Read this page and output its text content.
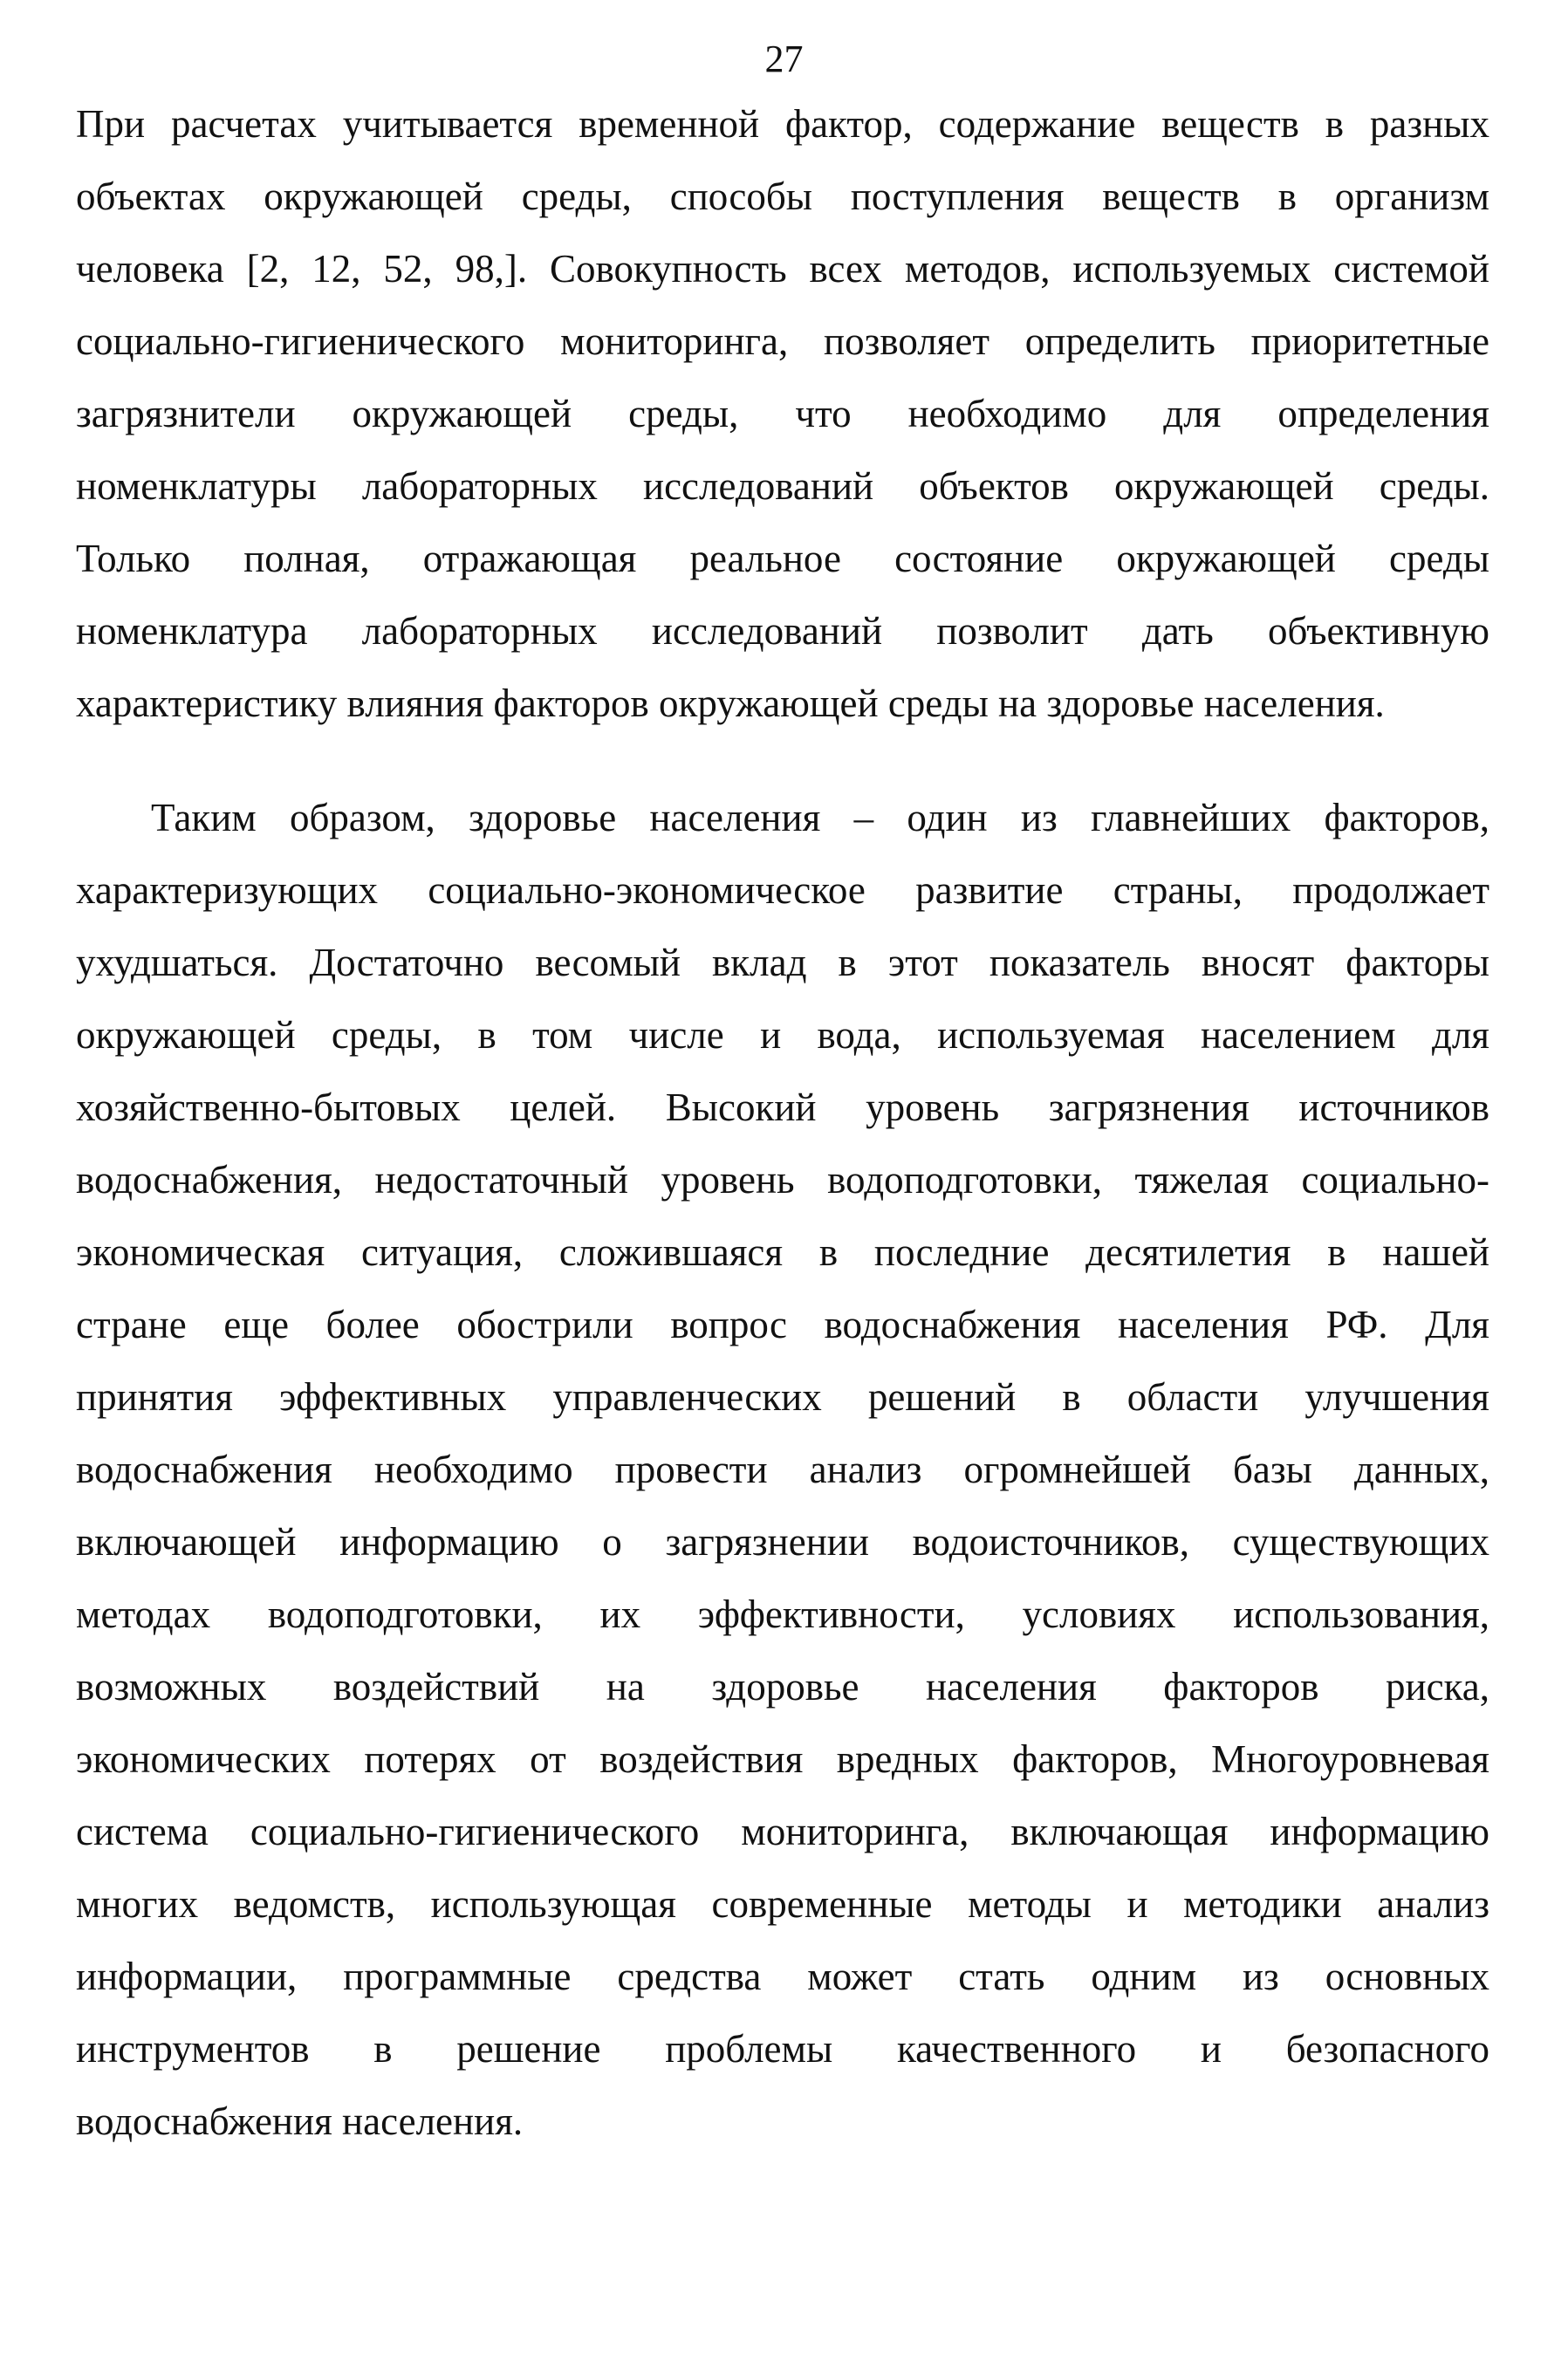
27
При расчетах учитывается временной фактор, содержание веществ в разных
объектах окружающей среды, способы поступления веществ в организм
человека [2, 12, 52, 98,]. Совокупность всех методов, используемых системой
социально-гигиенического мониторинга, позволяет определить приоритетные
загрязнители окружающей среды, что необходимо для определения
номенклатуры лабораторных исследований объектов окружающей среды.
Только полная, отражающая реальное состояние окружающей среды
номенклатура лабораторных исследований позволит дать объективную
характеристику влияния факторов окружающей среды на здоровье населения.
Таким образом, здоровье населения – один из главнейших факторов,
характеризующих социально-экономическое развитие страны, продолжает
ухудшаться. Достаточно весомый вклад в этот показатель вносят факторы
окружающей среды, в том числе и вода, используемая населением для
хозяйственно-бытовых целей. Высокий уровень загрязнения источников
водоснабжения, недостаточный уровень водоподготовки, тяжелая социально-
экономическая ситуация, сложившаяся в последние десятилетия в нашей
стране еще более обострили вопрос водоснабжения населения РФ. Для
принятия эффективных управленческих решений в области улучшения
водоснабжения необходимо провести анализ огромнейшей базы данных,
включающей информацию о загрязнении водоисточников, существующих
методах водоподготовки, их эффективности, условиях использования,
возможных воздействий на здоровье населения факторов риска,
экономических потерях от воздействия вредных факторов, Многоуровневая
система социально-гигиенического мониторинга, включающая информацию
многих ведомств, использующая современные методы и методики анализ
информации, программные средства может стать одним из основных
инструментов в решение проблемы качественного и безопасного
водоснабжения населения.
